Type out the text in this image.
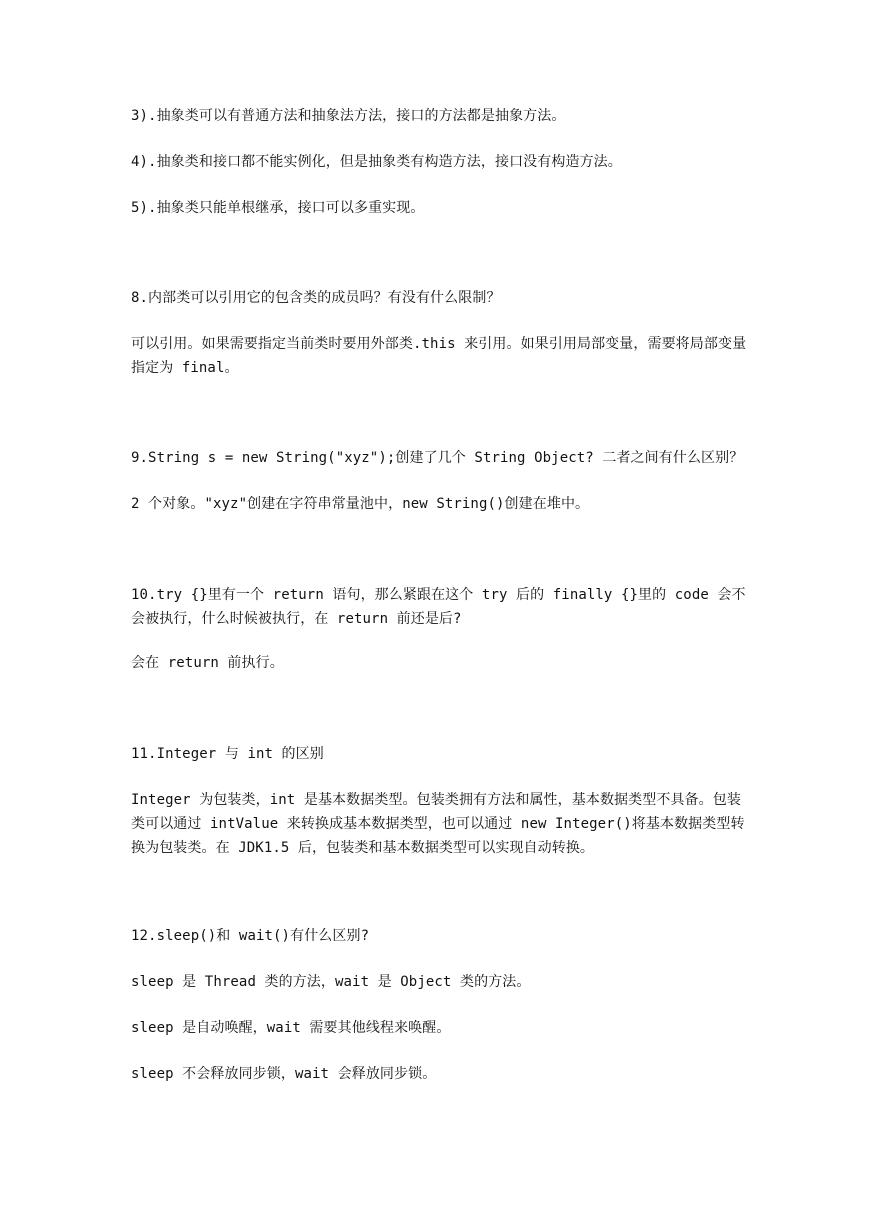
3).抽象类可以有普通方法和抽象法方法，接口的方法都是抽象方法。
4).抽象类和接口都不能实例化，但是抽象类有构造方法，接口没有构造方法。
5).抽象类只能单根继承，接口可以多重实现。
8.内部类可以引用它的包含类的成员吗？有没有什么限制？
可以引用。如果需要指定当前类时要用外部类.this 来引用。如果引用局部变量，需要将局部变量指定为 final。
9.String s = new String("xyz");创建了几个 String Object? 二者之间有什么区别？
2 个对象。"xyz"创建在字符串常量池中，new String()创建在堆中。
10.try {}里有一个 return 语句，那么紧跟在这个 try 后的 finally {}里的 code 会不会被执行，什么时候被执行，在 return 前还是后?
会在 return 前执行。
11.Integer 与 int 的区别
Integer 为包装类，int 是基本数据类型。包装类拥有方法和属性，基本数据类型不具备。包装类可以通过 intValue 来转换成基本数据类型，也可以通过 new Integer()将基本数据类型转换为包装类。在 JDK1.5 后，包装类和基本数据类型可以实现自动转换。
12.sleep()和 wait()有什么区别?
sleep 是 Thread 类的方法，wait 是 Object 类的方法。
sleep 是自动唤醒，wait 需要其他线程来唤醒。
sleep 不会释放同步锁，wait 会释放同步锁。
